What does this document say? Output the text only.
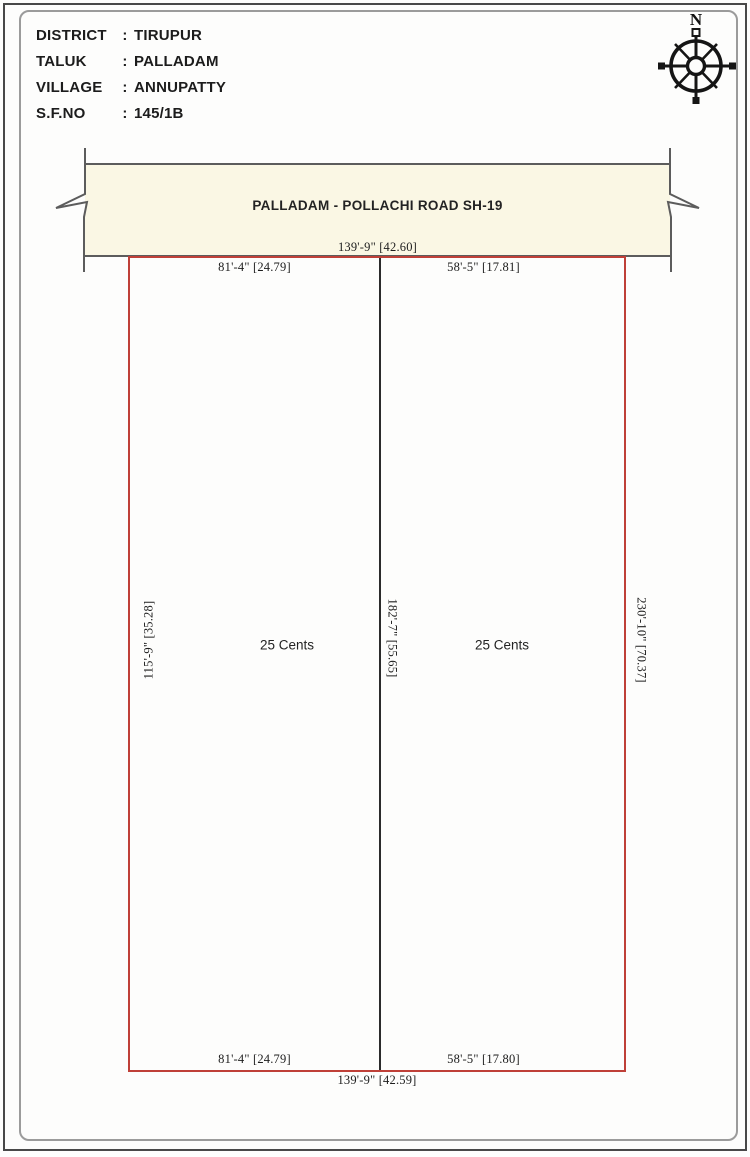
DISTRICT	: TIRUPUR
TALUK	: PALLADAM
VILLAGE	: ANNUPATTY
S.F.NO	: 145/1B
N
PALLADAM - POLLACHI ROAD SH-19
139'-9" [42.60]
81'-4" [24.79]	58'-5" [17.81]
81'-4" [24.79]	58'-5" [17.80]
115'-9" [35.28]	182'-7" [55.65]	230'-10" [70.37]
25 Cents	25 Cents
139'-9" [42.59]
